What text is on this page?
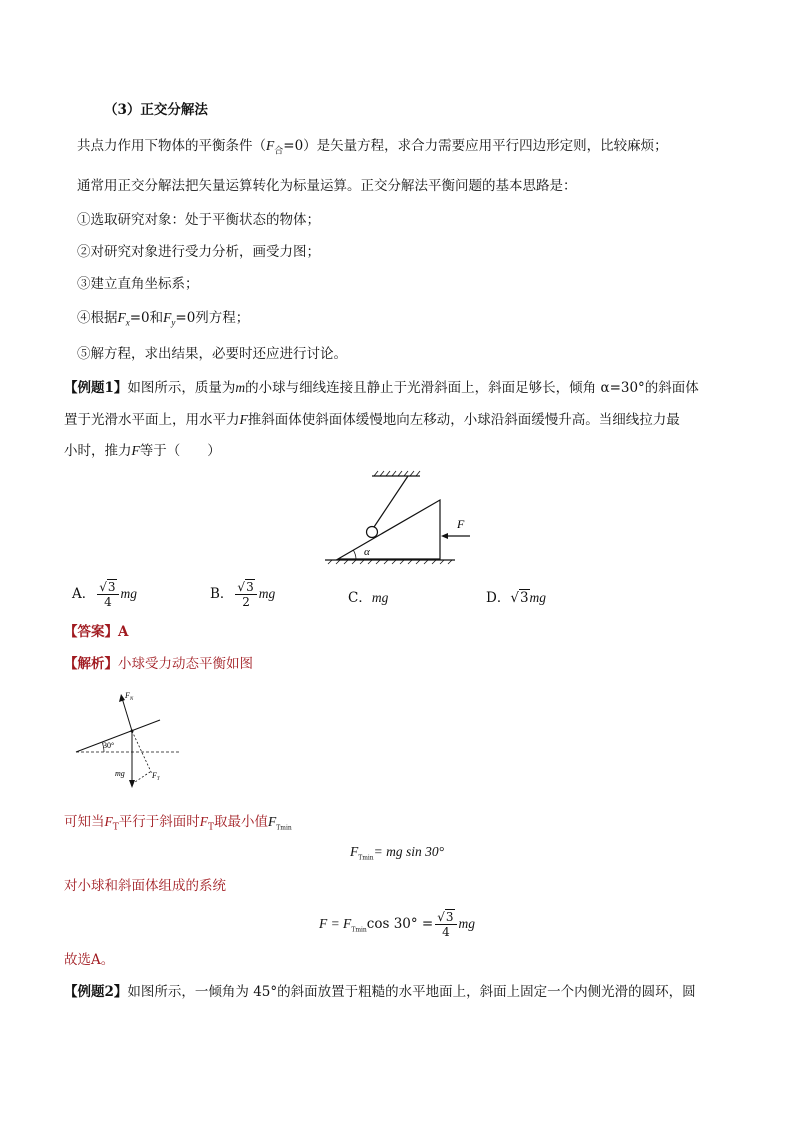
（3）正交分解法
共点力作用下物体的平衡条件$(F_合=0)$是矢量方程，求合力需要应用平行四边形定则，比较麻烦；
通常用正交分解法把矢量运算转化为标量运算。正交分解法平衡问题的基本思路是：
①选取研究对象：处于平衡状态的物体；
②对研究对象进行受力分析，画受力图；
③建立直角坐标系；
④根据$F_x=0$和$F_y=0$列方程；
⑤解方程，求出结果，必要时还应进行讨论。
【例题1】如图所示，质量为m的小球与细线连接且静止于光滑斜面上，斜面足够长，倾角 α=30°的斜面体
置于光滑水平面上，用水平力F推斜面体使斜面体缓慢地向左移动，小球沿斜面缓慢升高。当细线拉力最
小时，推力F等于（　　）
α
F
A． $\frac{√3}{4}$ mg	B． $\frac{√3}{2}$ mg	C．mg	D．√3mg
【答案】A
【解析】小球受力动态平衡如图
30°
$F_N$
mg	$F_T$
可知当$F_T$平行于斜面时$F_T$取最小值$F_{Tmin}$
$F_{Tmin}=$ mg sin 30°
对小球和斜面体组成的系统
$F = F_{Tmin}\cos$ $30^\circ = \frac{√3}{4}$ mg
故选A。
【例题2】如图所示，一倾角为 45°的斜面放置于粗糙的水平地面上，斜面上固定一个内侧光滑的圆环，圆
